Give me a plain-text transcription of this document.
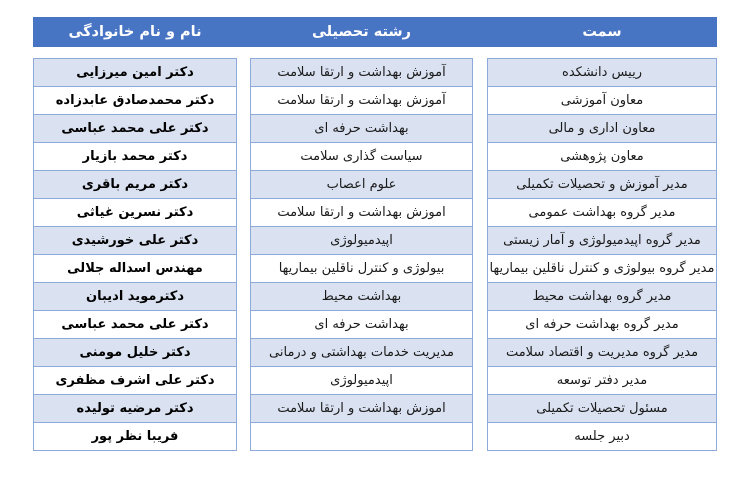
سمت
رشته تحصیلی
نام و نام خانوادگی
رییس دانشکده
آموزش بهداشت و ارتقا سلامت
دکتر امین میرزایی
معاون آموزشی
آموزش بهداشت و ارتقا سلامت
دکتر محمدصادق عابدزاده
معاون اداری و مالی
بهداشت حرفه ای
دکتر علی محمد عباسی
معاون پژوهشی
سیاست گذاری سلامت
دکتر محمد بازیار
مدیر آموزش و تحصیلات تکمیلی
علوم اعصاب
دکتر مریم باقری
مدیر گروه بهداشت عمومی
اموزش بهداشت و ارتقا سلامت
دکتر نسرین غیاثی
مدیر گروه اپیدمیولوژی و آمار زیستی
اپیدمیولوژی
دکتر علی خورشیدی
مدیر گروه بیولوژی و کنترل ناقلین بیماریها
بیولوژی و کنترل ناقلین بیماریها
مهندس اسداله جلالی
مدیر گروه بهداشت محیط
بهداشت محیط
دکترموید ادیبان
مدیر گروه بهداشت حرفه ای
بهداشت حرفه ای
دکتر علی محمد عباسی
مدیر گروه مدیریت و اقتصاد سلامت
مدیریت خدمات بهداشتی و درمانی
دکتر خلیل مومنی
مدیر دفتر توسعه
اپیدمیولوژی
دکتر علی اشرف مظفری
مسئول تحصیلات تکمیلی
اموزش بهداشت و ارتقا سلامت
دکتر مرضیه تولیده
دبیر جلسه
فریبا نظر پور
